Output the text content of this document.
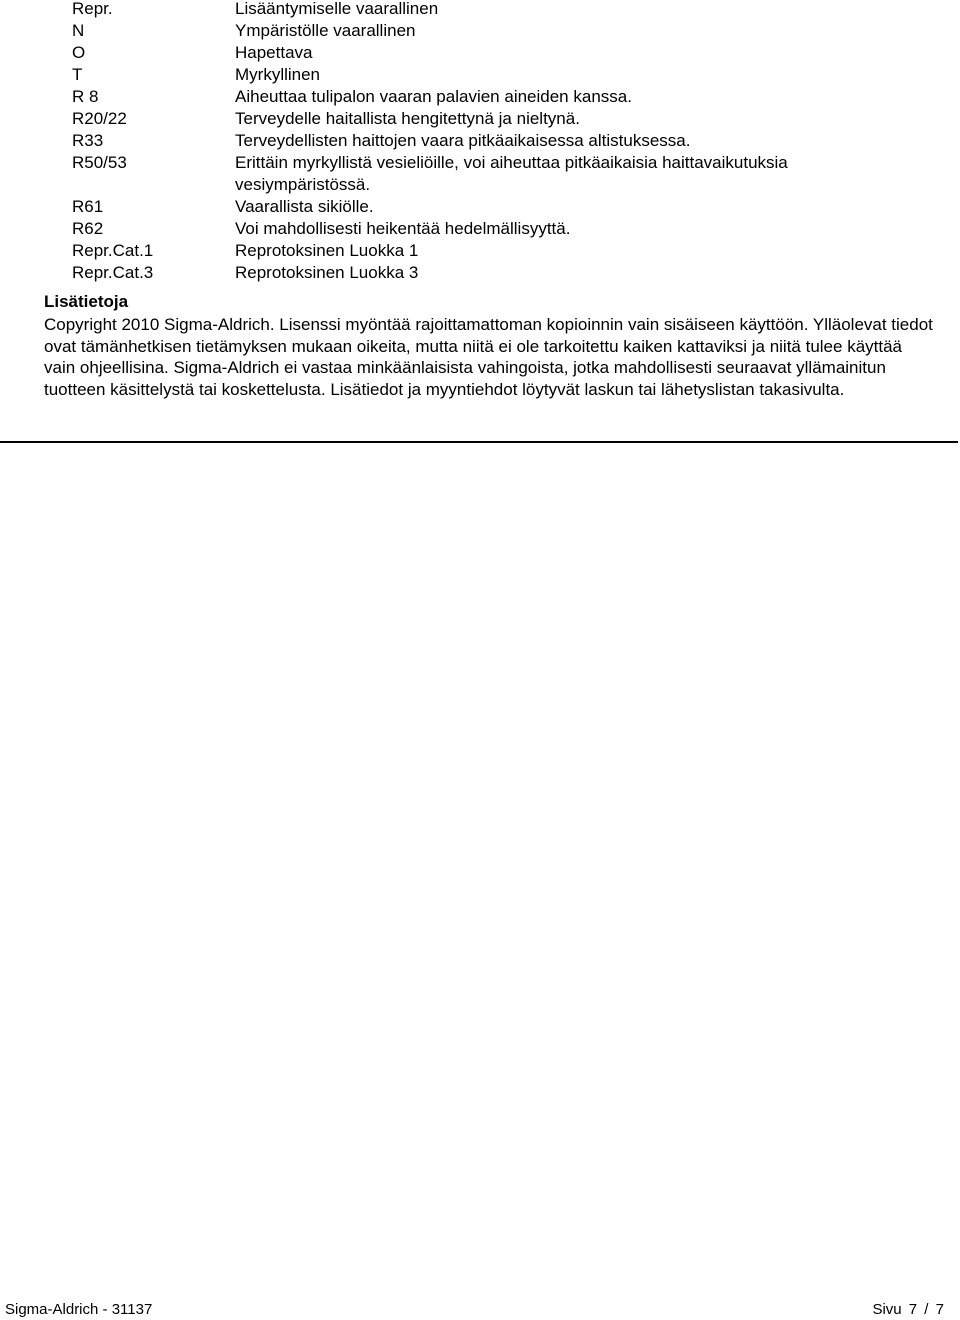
Repr.	Lisääntymiselle vaarallinen
N	Ympäristölle vaarallinen
O	Hapettava
T	Myrkyllinen
R 8	Aiheuttaa tulipalon vaaran palavien aineiden kanssa.
R20/22	Terveydelle haitallista hengitettynä ja nieltynä.
R33	Terveydellisten haittojen vaara pitkäaikaisessa altistuksessa.
R50/53	Erittäin myrkyllistä vesieliöille, voi aiheuttaa pitkäaikaisia haittavaikutuksia vesiympäristössä.
R61	Vaarallista sikiölle.
R62	Voi mahdollisesti heikentää hedelmällisyyttä.
Repr.Cat.1	Reprotoksinen Luokka 1
Repr.Cat.3	Reprotoksinen Luokka 3
Lisätietoja

Copyright 2010 Sigma-Aldrich. Lisenssi myöntää rajoittamattoman kopioinnin vain sisäiseen käyttöön. Ylläolevat tiedot ovat tämänhetkisen tietämyksen mukaan oikeita, mutta niitä ei ole tarkoitettu kaiken kattaviksi ja niitä tulee käyttää vain ohjeellisina. Sigma-Aldrich ei vastaa minkäänlaisista vahingoista, jotka mahdollisesti seuraavat yllämainitun tuotteen käsittelystä tai koskettelusta. Lisätiedot ja myyntiehdot löytyvät laskun tai lähetyslistan takasivulta.

Sigma-Aldrich - 31137	Sivu 7 / 7
